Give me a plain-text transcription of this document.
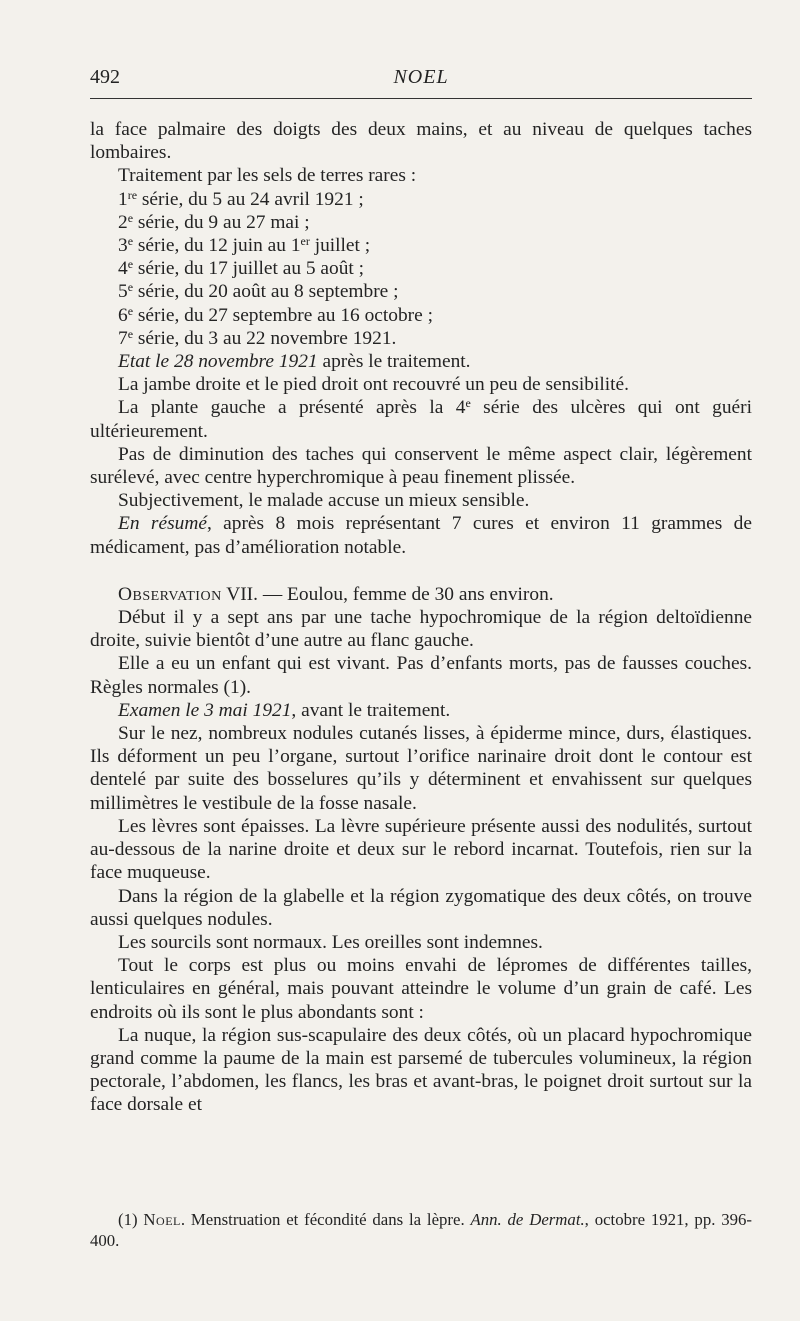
492	NOEL

la face palmaire des doigts des deux mains, et au niveau de quelques taches lombaires.

Traitement par les sels de terres rares :

1re série, du 5 au 24 avril 1921 ;

2e série, du 9 au 27 mai ;

3e série, du 12 juin au 1er juillet ;

4e série, du 17 juillet au 5 août ;

5e série, du 20 août au 8 septembre ;

6e série, du 27 septembre au 16 octobre ;

7e série, du 3 au 22 novembre 1921.

Etat le 28 novembre 1921 après le traitement.

La jambe droite et le pied droit ont recouvré un peu de sensibilité.

La plante gauche a présenté après la 4e série des ulcères qui ont guéri ultérieurement.

Pas de diminution des taches qui conservent le même aspect clair, légèrement surélevé, avec centre hyperchromique à peau finement plissée.

Subjectivement, le malade accuse un mieux sensible.

En résumé, après 8 mois représentant 7 cures et environ 11 grammes de médicament, pas d’amélioration notable.

Observation VII. — Eoulou, femme de 30 ans environ.

Début il y a sept ans par une tache hypochromique de la région deltoïdienne droite, suivie bientôt d’une autre au flanc gauche.

Elle a eu un enfant qui est vivant. Pas d’enfants morts, pas de fausses couches. Règles normales (1).

Examen le 3 mai 1921, avant le traitement.

Sur le nez, nombreux nodules cutanés lisses, à épiderme mince, durs, élastiques. Ils déforment un peu l’organe, surtout l’orifice narinaire droit dont le contour est dentelé par suite des bosselures qu’ils y déterminent et envahissent sur quelques millimètres le vestibule de la fosse nasale.

Les lèvres sont épaisses. La lèvre supérieure présente aussi des nodulités, surtout au-dessous de la narine droite et deux sur le rebord incarnat. Toutefois, rien sur la face muqueuse.

Dans la région de la glabelle et la région zygomatique des deux côtés, on trouve aussi quelques nodules.

Les sourcils sont normaux. Les oreilles sont indemnes.

Tout le corps est plus ou moins envahi de lépromes de différentes tailles, lenticulaires en général, mais pouvant atteindre le volume d’un grain de café. Les endroits où ils sont le plus abondants sont :

La nuque, la région sus-scapulaire des deux côtés, où un placard hypochromique grand comme la paume de la main est parsemé de tubercules volumineux, la région pectorale, l’abdomen, les flancs, les bras et avant-bras, le poignet droit surtout sur la face dorsale et

(1) Noel. Menstruation et fécondité dans la lèpre. Ann. de Dermat., octobre 1921, pp. 396-400.
